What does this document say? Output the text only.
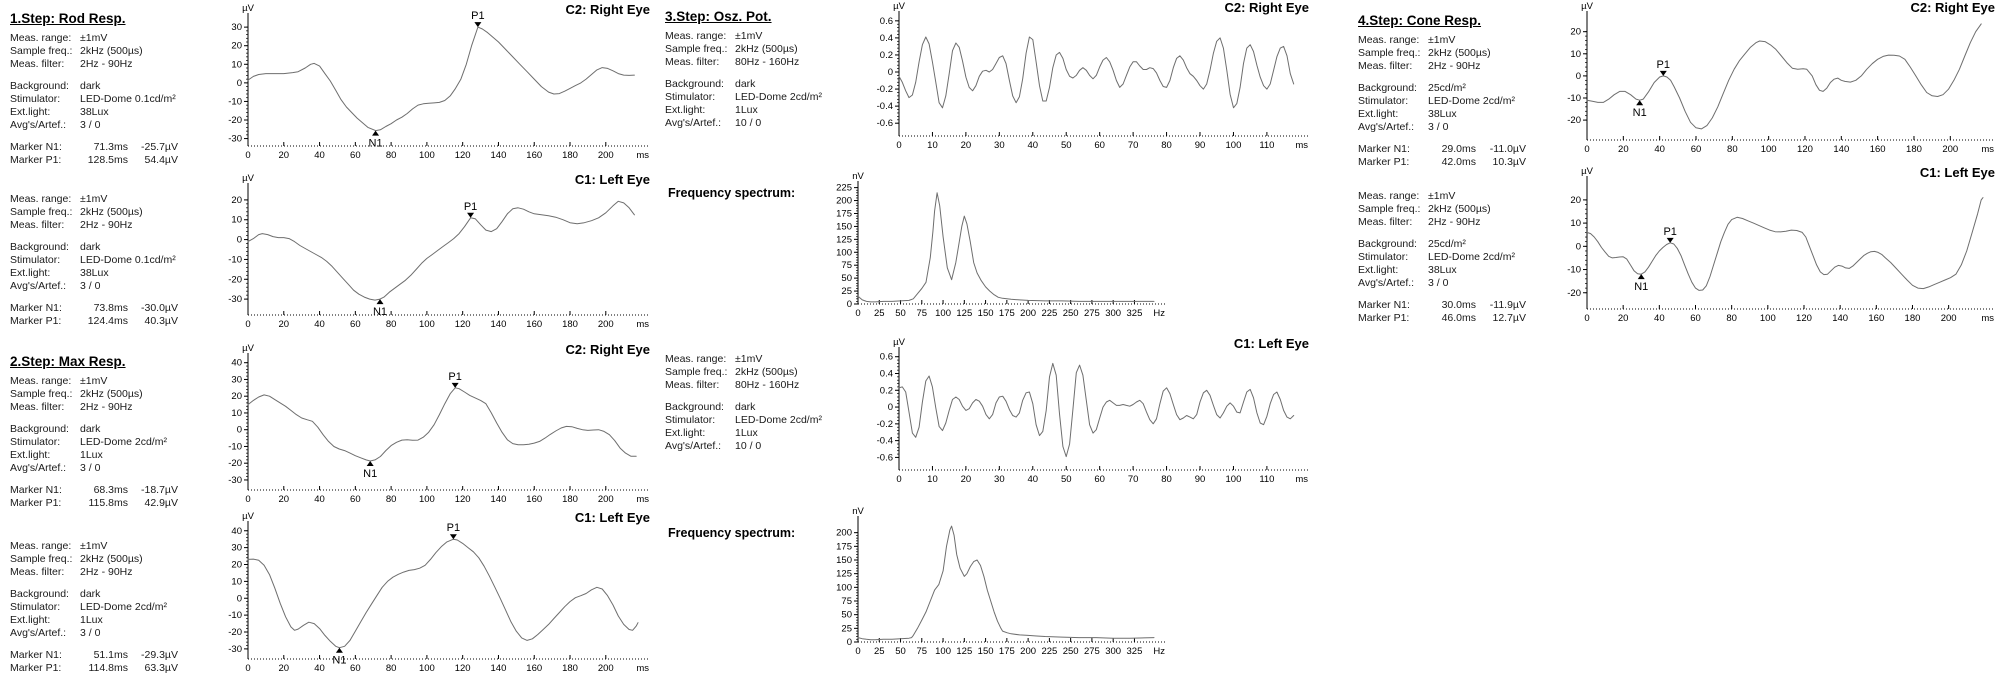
1.Step: Rod Resp.
Meas. range: ±1mV
Sample freq.: 2kHz (500µs)
Meas. filter: 2Hz - 90Hz
Background: dark
Stimulator: LED-Dome 0.1cd/m²
Ext.light:	38Lux
Avg's/Artef.: 3 / 0
Marker N1:	71.3ms -25.7µV
Marker P1:	128.5ms 54.4µV
Meas. range: ±1mV
Sample freq.: 2kHz (500µs)
Meas. filter: 2Hz - 90Hz
Background: dark
Stimulator: LED-Dome 0.1cd/m²
Ext.light:	38Lux
Avg's/Artef.: 3 / 0
Marker N1:	73.8ms -30.0µV
Marker P1:	124.4ms 40.3µV
2.Step: Max Resp.
Meas. range: ±1mV
Sample freq.: 2kHz (500µs)
Meas. filter: 2Hz - 90Hz
Background: dark
Stimulator: LED-Dome 2cd/m²
Ext.light:	1Lux
Avg's/Artef.: 3 / 0
Marker N1:	68.3ms -18.7µV
Marker P1:	115.8ms 42.9µV
Meas. range: ±1mV
Sample freq.: 2kHz (500µs)
Meas. filter: 2Hz - 90Hz
Background: dark
Stimulator: LED-Dome 2cd/m²
Ext.light:	1Lux
Avg's/Artef.: 3 / 0
Marker N1:	51.1ms -29.3µV
Marker P1:	114.8ms 63.3µV
-30
-20
-10
0
10
20
30
µV
0	20	40	60	80 100 120 140 160 180 200 ms
N1
P1	C2: Right Eye
-30
-20
-10
0
10
20
µV
0	20	40	60	80 100 120 140 160 180 200 ms
N1
P1
C1: Left Eye
-30
-20
-10
0
10
20
30
40
µV
0	20	40	60	80 100 120 140 160 180 200 ms
N1
P1
C2: Right Eye
-30
-20
-10
0
10
20
30
40
µV
0	20	40	60	80 100 120 140 160 180 200 ms
N1
P1
C1: Left Eye
3.Step: Osz. Pot.
Meas. range: ±1mV
Sample freq.: 2kHz (500µs)
Meas. filter: 80Hz - 160Hz
Background: dark
Stimulator: LED-Dome 2cd/m²
Ext.light:	1Lux
Avg's/Artef.: 10 / 0
Frequency spectrum:
Meas. range: ±1mV
Sample freq.: 2kHz (500µs)
Meas. filter: 80Hz - 160Hz
Background: dark
Stimulator: LED-Dome 2cd/m²
Ext.light:	1Lux
Avg's/Artef.: 10 / 0
Frequency spectrum:
-0.6
-0.4
-0.2
0
0.2
0.4
0.6
µV
0	10 20 30 40 50 60 70 80 90 100 110 ms
C2: Right Eye
0
25
50
75
100
125
150
175
200
225
nV
0 25 50 75 100 125 150 175 200 225 250 275 300 325 Hz
-0.6
-0.4
-0.2
0
0.2
0.4
0.6
µV
0	10 20 30 40 50 60 70 80 90 100 110 ms
C1: Left Eye
0
25
50
75
100
125
150
175
200
nV
0 25 50 75 100 125 150 175 200 225 250 275 300 325 Hz
4.Step: Cone Resp.
Meas. range: ±1mV
Sample freq.: 2kHz (500µs)
Meas. filter: 2Hz - 90Hz
Background: 25cd/m²
Stimulator: LED-Dome 2cd/m²
Ext.light:	38Lux
Avg's/Artef.: 3 / 0
Marker N1:	29.0ms -11.0µV
Marker P1:	42.0ms 10.3µV
Meas. range: ±1mV
Sample freq.: 2kHz (500µs)
Meas. filter: 2Hz - 90Hz
Background: 25cd/m²
Stimulator: LED-Dome 2cd/m²
Ext.light:	38Lux
Avg's/Artef.: 3 / 0
Marker N1:	30.0ms -11.9µV
Marker P1:	46.0ms 12.7µV
-20
-10
0
10
20
µV
0	20	40	60	80 100 120 140 160 180 200 ms
N1
P1
C2: Right Eye
-20
-10
0
10
20
µV
0	20	40	60	80 100 120 140 160 180 200	ms
N1
P1
C1: Left Eye
